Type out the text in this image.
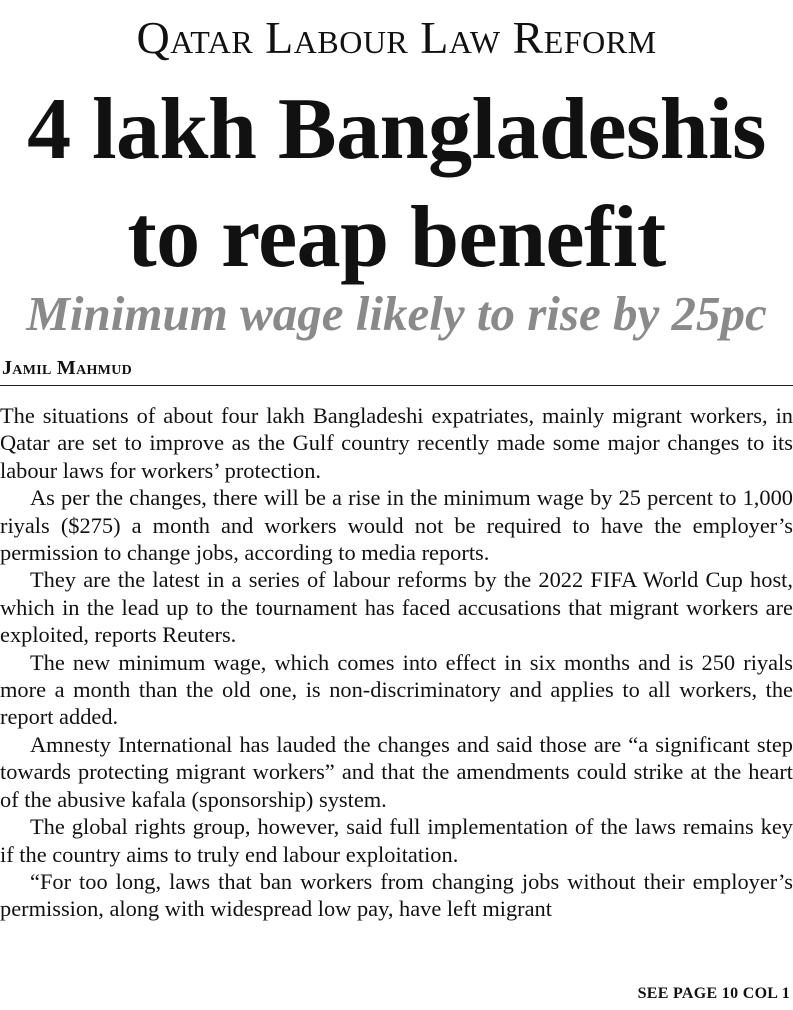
Qatar Labour Law Reform
4 lakh Bangladeshis
to reap benefit
Minimum wage likely to rise by 25pc
Jamil Mahmud

The situations of about four lakh Bangladeshi expatriates, mainly migrant workers, in Qatar are set to improve as the Gulf country recently made some major changes to its labour laws for workers’ protection.

As per the changes, there will be a rise in the minimum wage by 25 percent to 1,000 riyals ($275) a month and workers would not be required to have the employer’s permission to change jobs, according to media reports.

They are the latest in a series of labour reforms by the 2022 FIFA World Cup host, which in the lead up to the tournament has faced accusations that migrant workers are exploited, reports Reuters.

The new minimum wage, which comes into effect in six months and is 250 riyals more a month than the old one, is non-discriminatory and applies to all workers, the report added.

Amnesty International has lauded the changes and said those are “a significant step towards protecting migrant workers” and that the amendments could strike at the heart of the abusive kafala (sponsorship) system.

The global rights group, however, said full implementation of the laws remains key if the country aims to truly end labour exploitation.

“For too long, laws that ban workers from changing jobs without their employer’s permission, along with widespread low pay, have left migrant

SEE PAGE 10 COL 1
